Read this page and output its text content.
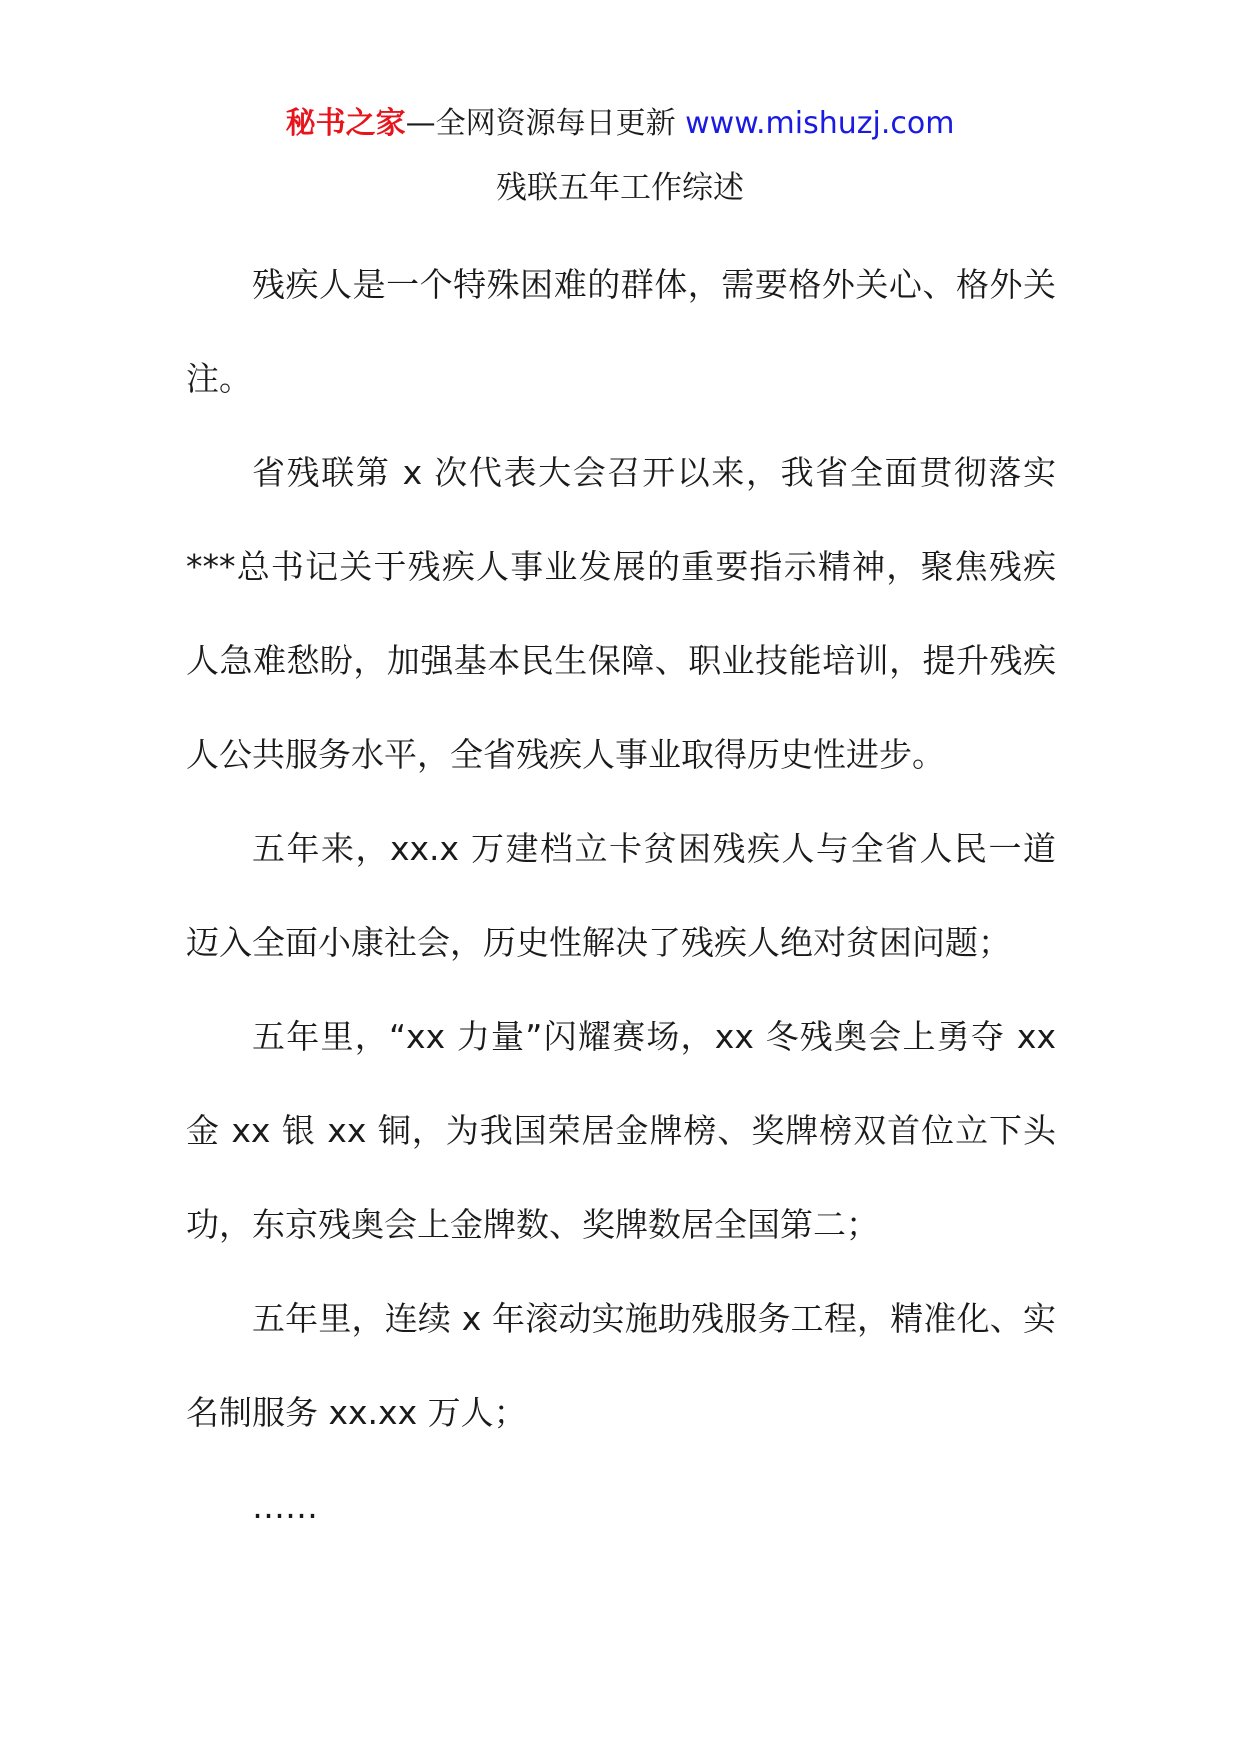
秘书之家—全网资源每日更新 www.mishuzj.com
残联五年工作综述

残疾人是一个特殊困难的群体，需要格外关心、格外关注。

省残联第 x 次代表大会召开以来，我省全面贯彻落实***总书记关于残疾人事业发展的重要指示精神，聚焦残疾人急难愁盼，加强基本民生保障、职业技能培训，提升残疾人公共服务水平，全省残疾人事业取得历史性进步。

五年来，xx.x 万建档立卡贫困残疾人与全省人民一道迈入全面小康社会，历史性解决了残疾人绝对贫困问题；

五年里，“xx 力量”闪耀赛场，xx 冬残奥会上勇夺 xx 金 xx 银 xx 铜，为我国荣居金牌榜、奖牌榜双首位立下头功，东京残奥会上金牌数、奖牌数居全国第二；

五年里，连续 x 年滚动实施助残服务工程，精准化、实名制服务 xx.xx 万人；

……
